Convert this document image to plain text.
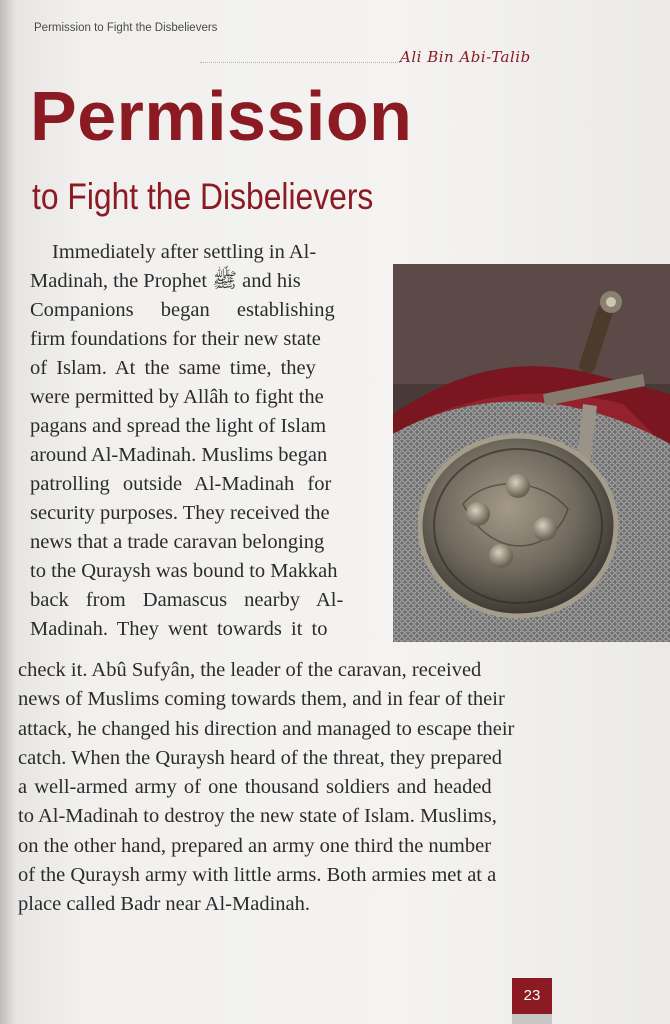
Permission to Fight the Disbelievers
Ali Bin Abi-Talib
Permission
to Fight the Disbelievers
Immediately after settling in Al-
Madinah, the Prophet ﷺ and his
Companions began establishing
firm foundations for their new state
of Islam. At the same time, they
were permitted by Allâh to fight the
pagans and spread the light of Islam
around Al-Madinah. Muslims began
patrolling outside Al-Madinah for
security purposes. They received the
news that a trade caravan belonging
to the Quraysh was bound to Makkah
back from Damascus nearby Al-
Madinah. They went towards it to
check it. Abû Sufyân, the leader of the caravan, received
news of Muslims coming towards them, and in fear of their
attack, he changed his direction and managed to escape their
catch. When the Quraysh heard of the threat, they prepared
a well-armed army of one thousand soldiers and headed
to Al-Madinah to destroy the new state of Islam. Muslims,
on the other hand, prepared an army one third the number
of the Quraysh army with little arms. Both armies met at a
place called Badr near Al-Madinah.
23
